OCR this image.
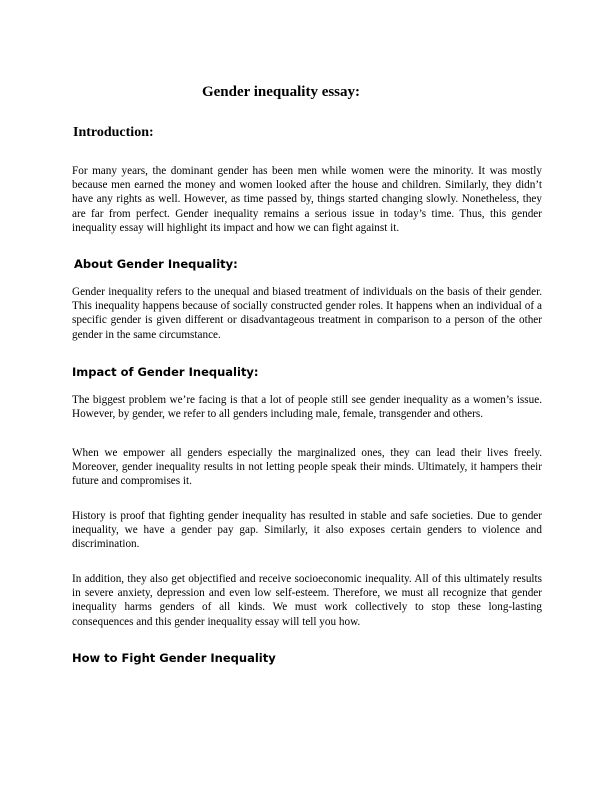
Gender inequality essay:
Introduction:

For many years, the dominant gender has been men while women were the minority. It was mostly because men earned the money and women looked after the house and children. Similarly, they didn’t have any rights as well. However, as time passed by, things started changing slowly. Nonetheless, they are far from perfect. Gender inequality remains a serious issue in today’s time. Thus, this gender inequality essay will highlight its impact and how we can fight against it.

About Gender Inequality:

Gender inequality refers to the unequal and biased treatment of individuals on the basis of their gender. This inequality happens because of socially constructed gender roles. It happens when an individual of a specific gender is given different or disadvantageous treatment in comparison to a person of the other gender in the same circumstance.

Impact of Gender Inequality:

The biggest problem we’re facing is that a lot of people still see gender inequality as a women’s issue. However, by gender, we refer to all genders including male, female, transgender and others.

When we empower all genders especially the marginalized ones, they can lead their lives freely. Moreover, gender inequality results in not letting people speak their minds. Ultimately, it hampers their future and compromises it.

History is proof that fighting gender inequality has resulted in stable and safe societies. Due to gender inequality, we have a gender pay gap. Similarly, it also exposes certain genders to violence and discrimination.

In addition, they also get objectified and receive socioeconomic inequality. All of this ultimately results in severe anxiety, depression and even low self-esteem. Therefore, we must all recognize that gender inequality harms genders of all kinds. We must work collectively to stop these long-lasting consequences and this gender inequality essay will tell you how.

How to Fight Gender Inequality
